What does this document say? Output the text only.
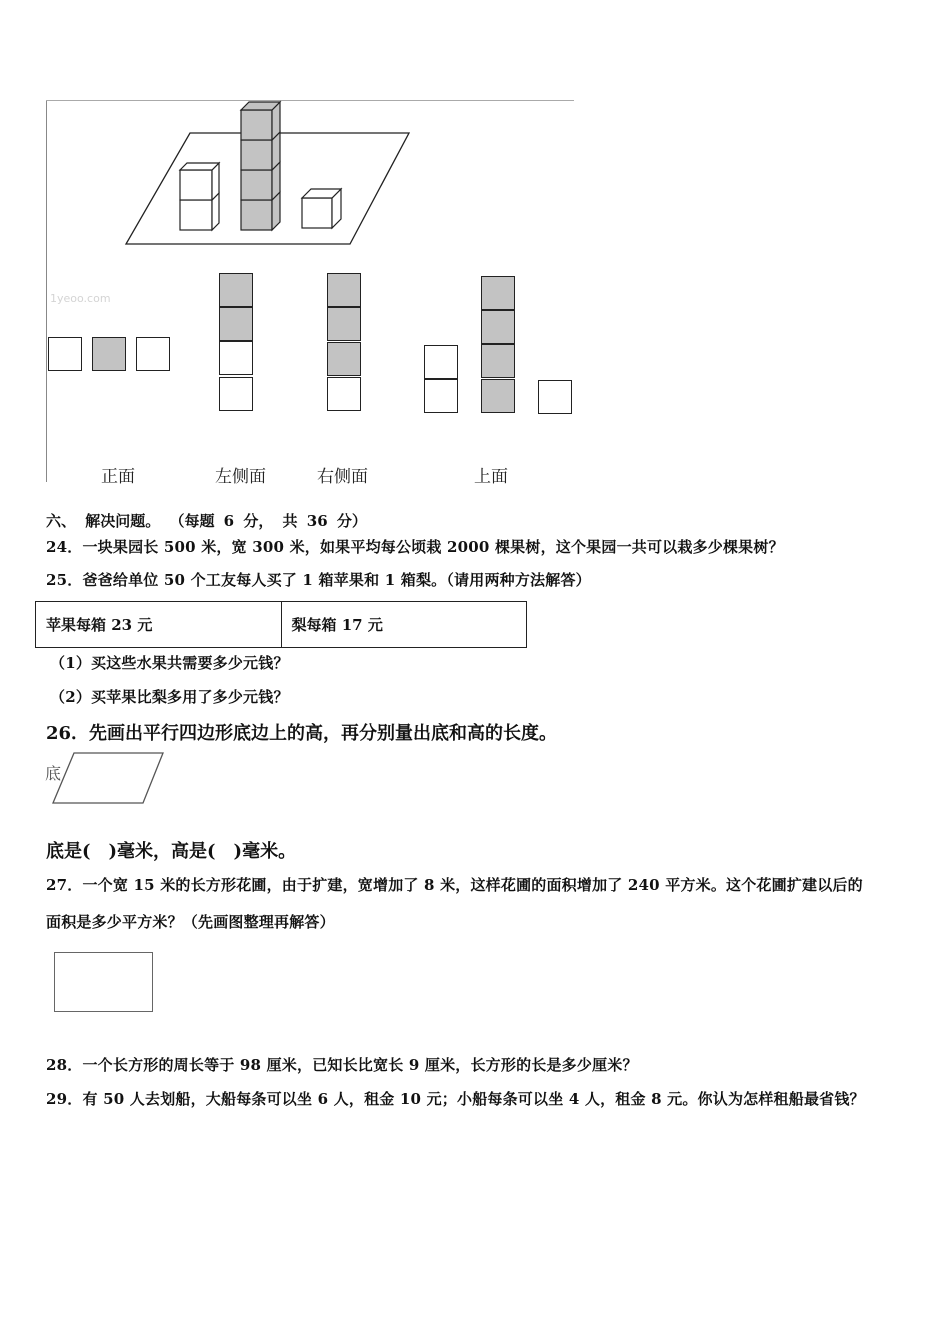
1yeoo.com
正面	左侧面	右侧面	上面
六、 解决问题。 （每题 6 分， 共 36 分）
24．一块果园长 500 米，宽 300 米，如果平均每公顷栽 2000 棵果树，这个果园一共可以栽多少棵果树？
25．爸爸给单位 50 个工友每人买了 1 箱苹果和 1 箱梨。（请用两种方法解答）
苹果每箱 23 元	梨每箱 17 元
（1）买这些水果共需要多少元钱？
（2）买苹果比梨多用了多少元钱？
26．先画出平行四边形底边上的高，再分别量出底和高的长度。
底
底是(　)毫米，高是(　)毫米。
27．一个宽 15 米的长方形花圃，由于扩建，宽增加了 8 米，这样花圃的面积增加了 240 平方米。这个花圃扩建以后的
面积是多少平方米？（先画图整理再解答）
28．一个长方形的周长等于 98 厘米，已知长比宽长 9 厘米，长方形的长是多少厘米？
29．有 50 人去划船，大船每条可以坐 6 人，租金 10 元；小船每条可以坐 4 人，租金 8 元。你认为怎样租船最省钱？
